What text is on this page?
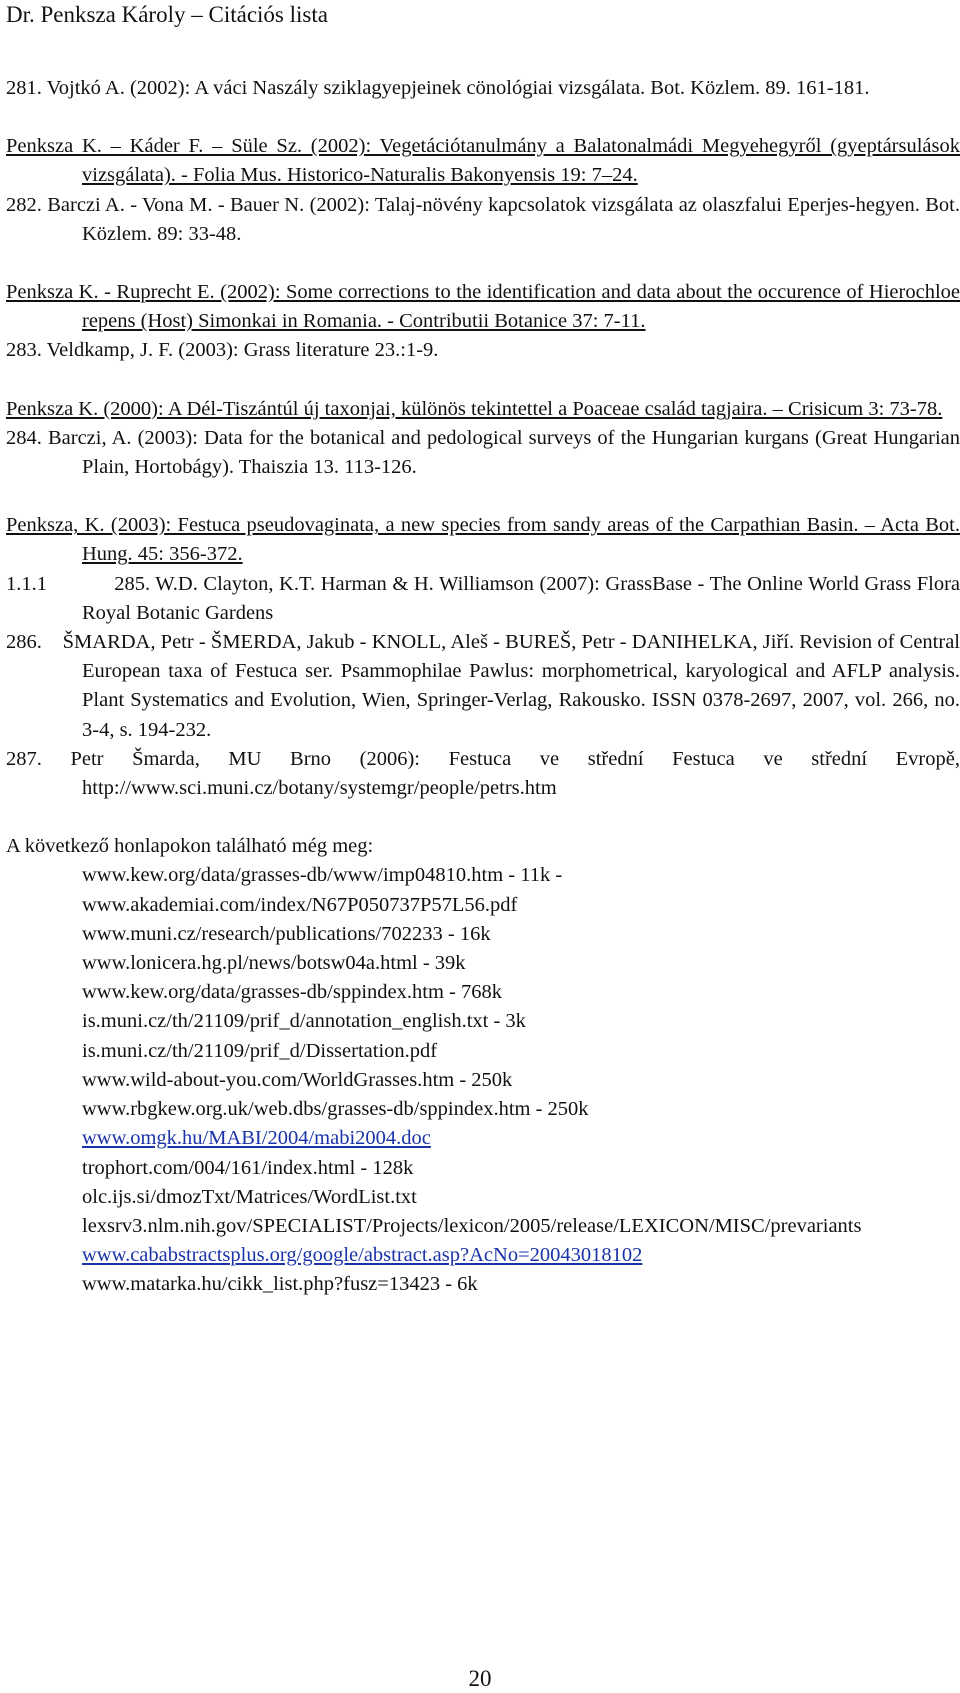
Dr. Penksza Károly – Citációs lista

281. Vojtkó A. (2002): A váci Naszály sziklagyepjeinek cönológiai vizsgálata. Bot. Közlem. 89. 161-181.

Penksza K. – Káder F. – Süle Sz. (2002): Vegetációtanulmány a Balatonalmádi Megyehegyről (gyeptársulások vizsgálata). - Folia Mus. Historico-Naturalis Bakonyensis 19: 7–24.

282. Barczi A. - Vona M. - Bauer N. (2002): Talaj-növény kapcsolatok vizsgálata az olaszfalui Eperjes-hegyen. Bot. Közlem. 89: 33-48.

Penksza K. - Ruprecht E. (2002): Some corrections to the identification and data about the occurence of Hierochloe repens (Host) Simonkai in Romania. - Contributii Botanice 37: 7-11.

283. Veldkamp, J. F. (2003): Grass literature 23.:1-9.

Penksza K. (2000): A Dél-Tiszántúl új taxonjai, különös tekintettel a Poaceae család tagjaira. – Crisicum 3: 73-78.

284. Barczi, A. (2003): Data for the botanical and pedological surveys of the Hungarian kurgans (Great Hungarian Plain, Hortobágy). Thaiszia 13. 113-126.

Penksza, K. (2003): Festuca pseudovaginata, a new species from sandy areas of the Carpathian Basin. – Acta Bot. Hung. 45: 356-372.

1.1.1            285. W.D. Clayton, K.T. Harman & H. Williamson (2007): GrassBase - The Online World Grass Flora Royal Botanic Gardens

286.    ŠMARDA, Petr - ŠMERDA, Jakub - KNOLL, Aleš - BUREŠ, Petr - DANIHELKA, Jiří. Revision of Central European taxa of Festuca ser. Psammophilae Pawlus: morphometrical, karyological and AFLP analysis. Plant Systematics and Evolution, Wien, Springer-Verlag, Rakousko. ISSN 0378-2697, 2007, vol. 266, no. 3-4, s. 194-232.

287. Petr Šmarda, MU Brno (2006): Festuca ve střední Festuca ve střední Evropě, http://www.sci.muni.cz/botany/systemgr/people/petrs.htm

A következő honlapokon található még meg:

www.kew.org/data/grasses-db/www/imp04810.htm - 11k -
www.akademiai.com/index/N67P050737P57L56.pdf
www.muni.cz/research/publications/702233 - 16k
www.lonicera.hg.pl/news/botsw04a.html - 39k
www.kew.org/data/grasses-db/sppindex.htm - 768k
is.muni.cz/th/21109/prif_d/annotation_english.txt - 3k
is.muni.cz/th/21109/prif_d/Dissertation.pdf
www.wild-about-you.com/WorldGrasses.htm - 250k
www.rbgkew.org.uk/web.dbs/grasses-db/sppindex.htm - 250k
www.omgk.hu/MABI/2004/mabi2004.doc
trophort.com/004/161/index.html - 128k
olc.ijs.si/dmozTxt/Matrices/WordList.txt
lexsrv3.nlm.nih.gov/SPECIALIST/Projects/lexicon/2005/release/LEXICON/MISC/prevariants
www.cababstractsplus.org/google/abstract.asp?AcNo=20043018102
www.matarka.hu/cikk_list.php?fusz=13423 - 6k
20
